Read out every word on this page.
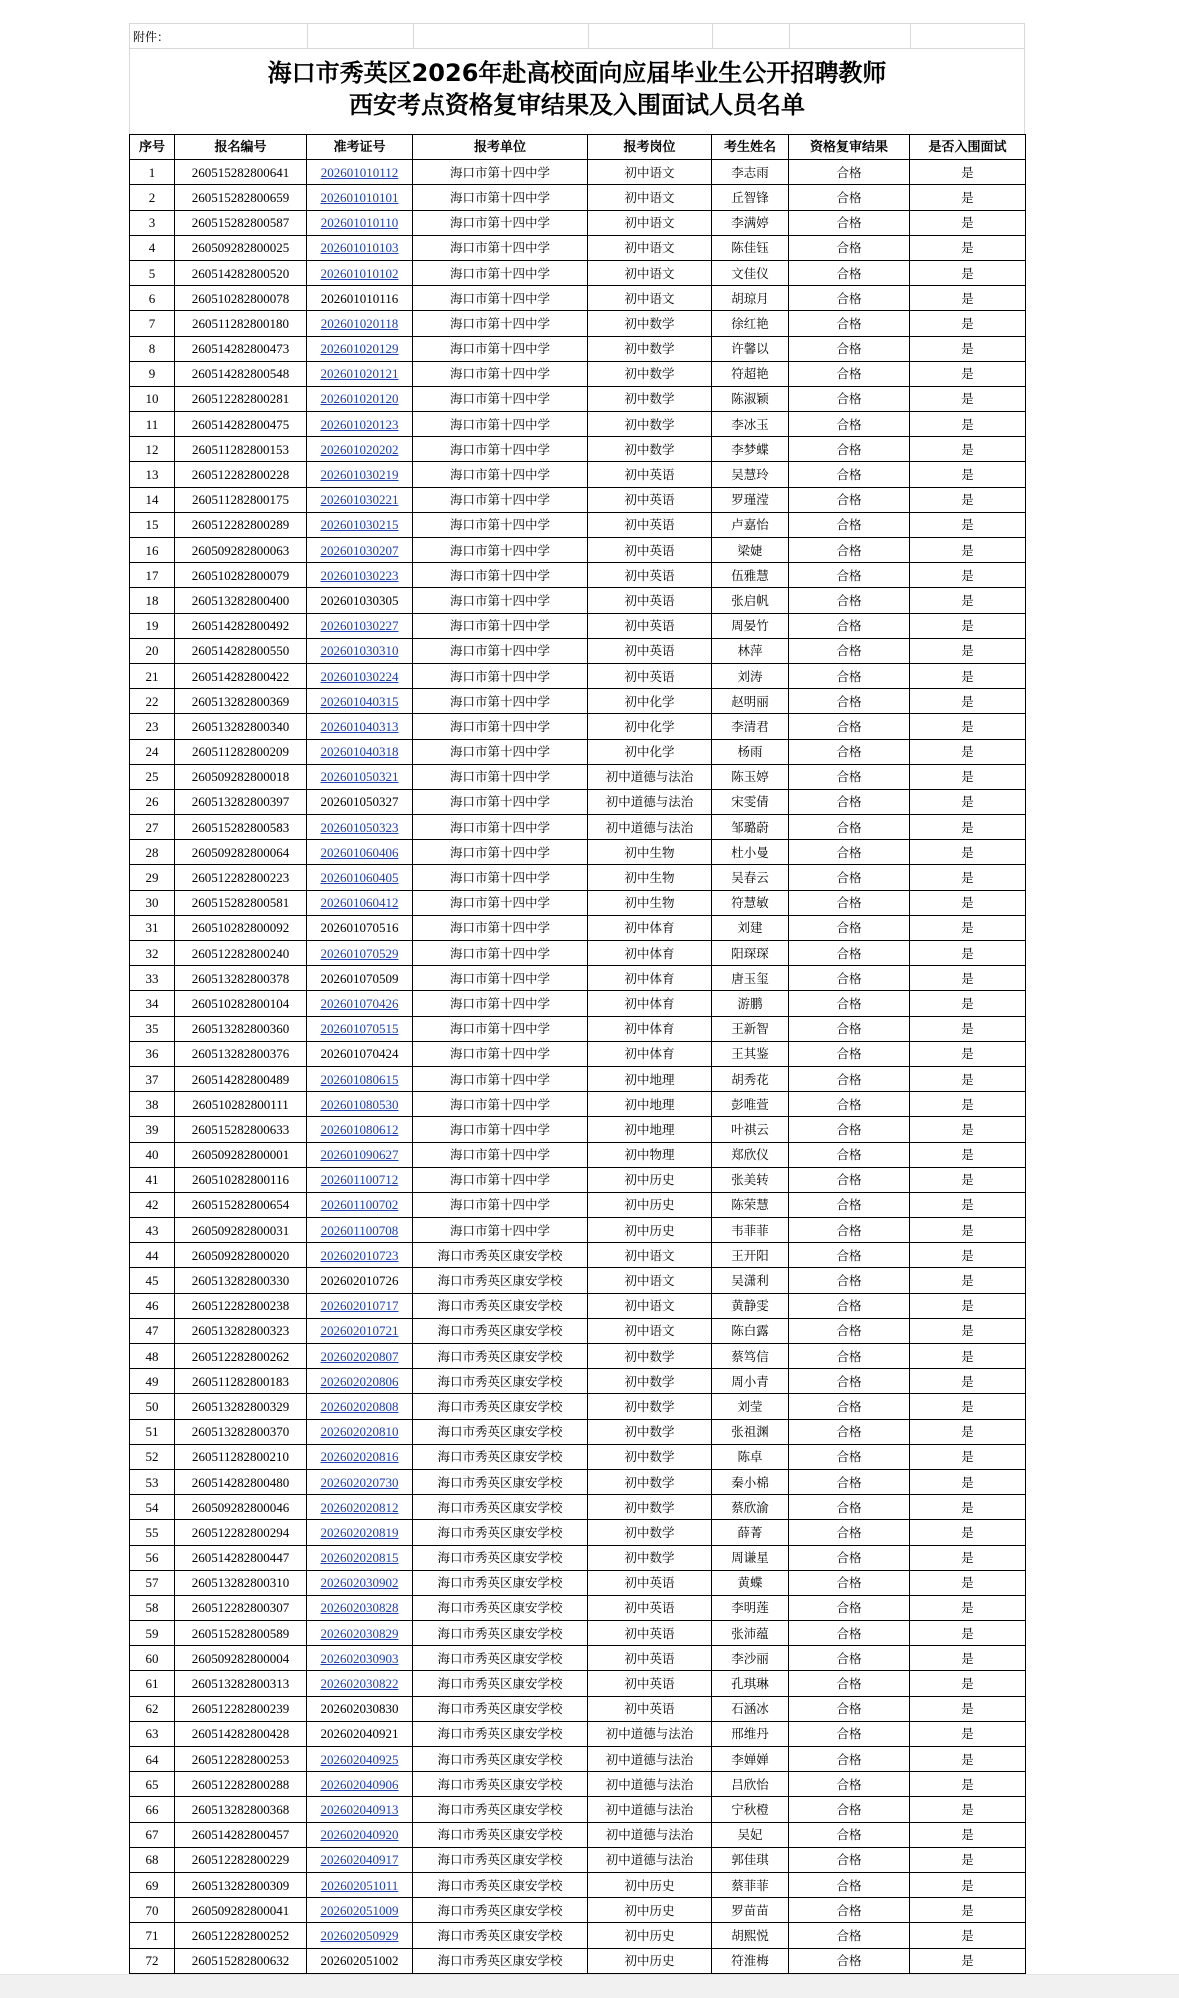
附件：
海口市秀英区2026年赴高校面向应届毕业生公开招聘教师
西安考点资格复审结果及入围面试人员名单
序号	报名编号	准考证号	报考单位	报考岗位	考生姓名	资格复审结果	是否入围面试
1	260515282800641	202601010112	海口市第十四中学	初中语文	李志雨	合格	是
2	260515282800659	202601010101	海口市第十四中学	初中语文	丘智锋	合格	是
3	260515282800587	202601010110	海口市第十四中学	初中语文	李满婷	合格	是
4	260509282800025	202601010103	海口市第十四中学	初中语文	陈佳钰	合格	是
5	260514282800520	202601010102	海口市第十四中学	初中语文	文佳仪	合格	是
6	260510282800078	202601010116	海口市第十四中学	初中语文	胡琼月	合格	是
7	260511282800180	202601020118	海口市第十四中学	初中数学	徐红艳	合格	是
8	260514282800473	202601020129	海口市第十四中学	初中数学	许馨以	合格	是
9	260514282800548	202601020121	海口市第十四中学	初中数学	符超艳	合格	是
10	260512282800281	202601020120	海口市第十四中学	初中数学	陈淑颖	合格	是
11	260514282800475	202601020123	海口市第十四中学	初中数学	李冰玉	合格	是
12	260511282800153	202601020202	海口市第十四中学	初中数学	李梦蝶	合格	是
13	260512282800228	202601030219	海口市第十四中学	初中英语	吴慧玲	合格	是
14	260511282800175	202601030221	海口市第十四中学	初中英语	罗瑾滢	合格	是
15	260512282800289	202601030215	海口市第十四中学	初中英语	卢嘉怡	合格	是
16	260509282800063	202601030207	海口市第十四中学	初中英语	梁婕	合格	是
17	260510282800079	202601030223	海口市第十四中学	初中英语	伍雅慧	合格	是
18	260513282800400	202601030305	海口市第十四中学	初中英语	张启帆	合格	是
19	260514282800492	202601030227	海口市第十四中学	初中英语	周晏竹	合格	是
20	260514282800550	202601030310	海口市第十四中学	初中英语	林萍	合格	是
21	260514282800422	202601030224	海口市第十四中学	初中英语	刘涛	合格	是
22	260513282800369	202601040315	海口市第十四中学	初中化学	赵明丽	合格	是
23	260513282800340	202601040313	海口市第十四中学	初中化学	李清君	合格	是
24	260511282800209	202601040318	海口市第十四中学	初中化学	杨雨	合格	是
25	260509282800018	202601050321	海口市第十四中学	初中道德与法治	陈玉婷	合格	是
26	260513282800397	202601050327	海口市第十四中学	初中道德与法治	宋雯倩	合格	是
27	260515282800583	202601050323	海口市第十四中学	初中道德与法治	邹璐蔚	合格	是
28	260509282800064	202601060406	海口市第十四中学	初中生物	杜小曼	合格	是
29	260512282800223	202601060405	海口市第十四中学	初中生物	吴春云	合格	是
30	260515282800581	202601060412	海口市第十四中学	初中生物	符慧敏	合格	是
31	260510282800092	202601070516	海口市第十四中学	初中体育	刘建	合格	是
32	260512282800240	202601070529	海口市第十四中学	初中体育	阳琛琛	合格	是
33	260513282800378	202601070509	海口市第十四中学	初中体育	唐玉玺	合格	是
34	260510282800104	202601070426	海口市第十四中学	初中体育	游鹏	合格	是
35	260513282800360	202601070515	海口市第十四中学	初中体育	王新智	合格	是
36	260513282800376	202601070424	海口市第十四中学	初中体育	王其鉴	合格	是
37	260514282800489	202601080615	海口市第十四中学	初中地理	胡秀花	合格	是
38	260510282800111	202601080530	海口市第十四中学	初中地理	彭唯萱	合格	是
39	260515282800633	202601080612	海口市第十四中学	初中地理	叶祺云	合格	是
40	260509282800001	202601090627	海口市第十四中学	初中物理	郑欣仪	合格	是
41	260510282800116	202601100712	海口市第十四中学	初中历史	张美转	合格	是
42	260515282800654	202601100702	海口市第十四中学	初中历史	陈荣慧	合格	是
43	260509282800031	202601100708	海口市第十四中学	初中历史	韦菲菲	合格	是
44	260509282800020	202602010723	海口市秀英区康安学校	初中语文	王开阳	合格	是
45	260513282800330	202602010726	海口市秀英区康安学校	初中语文	吴潇利	合格	是
46	260512282800238	202602010717	海口市秀英区康安学校	初中语文	黄静雯	合格	是
47	260513282800323	202602010721	海口市秀英区康安学校	初中语文	陈白露	合格	是
48	260512282800262	202602020807	海口市秀英区康安学校	初中数学	蔡笃信	合格	是
49	260511282800183	202602020806	海口市秀英区康安学校	初中数学	周小青	合格	是
50	260513282800329	202602020808	海口市秀英区康安学校	初中数学	刘莹	合格	是
51	260513282800370	202602020810	海口市秀英区康安学校	初中数学	张祖渊	合格	是
52	260511282800210	202602020816	海口市秀英区康安学校	初中数学	陈卓	合格	是
53	260514282800480	202602020730	海口市秀英区康安学校	初中数学	秦小棉	合格	是
54	260509282800046	202602020812	海口市秀英区康安学校	初中数学	蔡欣渝	合格	是
55	260512282800294	202602020819	海口市秀英区康安学校	初中数学	薛菁	合格	是
56	260514282800447	202602020815	海口市秀英区康安学校	初中数学	周谦星	合格	是
57	260513282800310	202602030902	海口市秀英区康安学校	初中英语	黄蝶	合格	是
58	260512282800307	202602030828	海口市秀英区康安学校	初中英语	李明莲	合格	是
59	260515282800589	202602030829	海口市秀英区康安学校	初中英语	张沛蕴	合格	是
60	260509282800004	202602030903	海口市秀英区康安学校	初中英语	李沙丽	合格	是
61	260513282800313	202602030822	海口市秀英区康安学校	初中英语	孔琪琳	合格	是
62	260512282800239	202602030830	海口市秀英区康安学校	初中英语	石涵冰	合格	是
63	260514282800428	202602040921	海口市秀英区康安学校	初中道德与法治	邢维丹	合格	是
64	260512282800253	202602040925	海口市秀英区康安学校	初中道德与法治	李婵婵	合格	是
65	260512282800288	202602040906	海口市秀英区康安学校	初中道德与法治	吕欣怡	合格	是
66	260513282800368	202602040913	海口市秀英区康安学校	初中道德与法治	宁秋橙	合格	是
67	260514282800457	202602040920	海口市秀英区康安学校	初中道德与法治	吴妃	合格	是
68	260512282800229	202602040917	海口市秀英区康安学校	初中道德与法治	郭佳琪	合格	是
69	260513282800309	202602051011	海口市秀英区康安学校	初中历史	蔡菲菲	合格	是
70	260509282800041	202602051009	海口市秀英区康安学校	初中历史	罗苗苗	合格	是
71	260512282800252	202602050929	海口市秀英区康安学校	初中历史	胡熙悦	合格	是
72	260515282800632	202602051002	海口市秀英区康安学校	初中历史	符淮梅	合格	是
